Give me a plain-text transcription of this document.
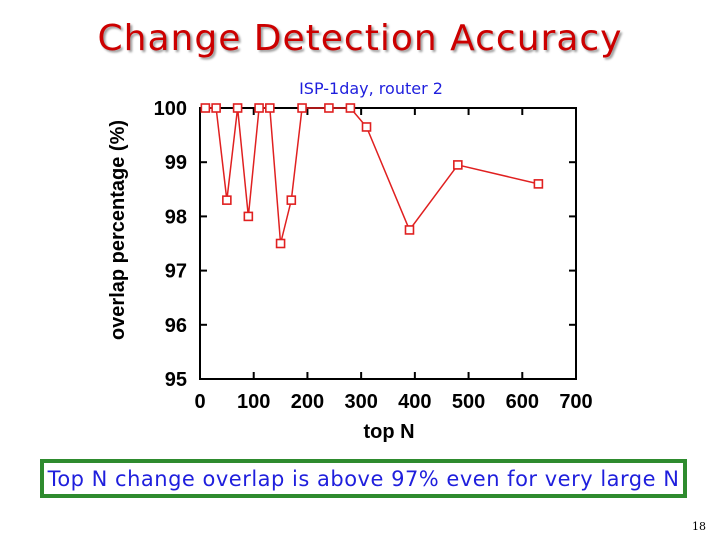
Change Detection Accuracy
ISP-1day, router 2
95
96
97
98
99
100
0 100 200 300 400 500 600 700
top N
overlap percentage (%)
Top N change overlap is above 97% even for very large N
18
